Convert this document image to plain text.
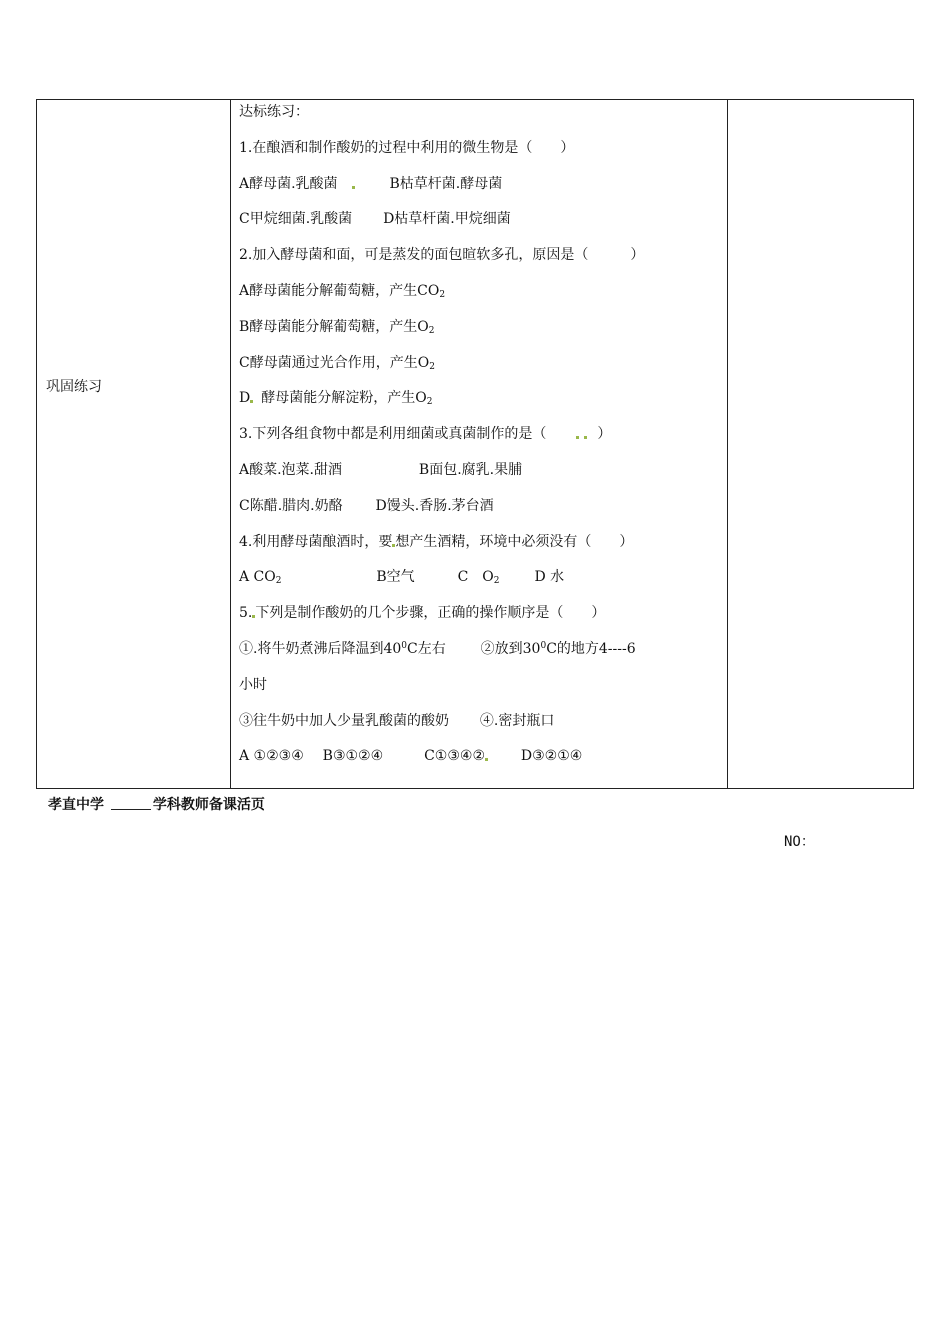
巩固练习
达标练习：
1.在酿酒和制作酸奶的过程中利用的微生物是（　　）
A酵母菌.乳酸菌	B枯草杆菌.酵母菌
C甲烷细菌.乳酸菌 D枯草杆菌.甲烷细菌
2.加入酵母菌和面，可是蒸发的面包暄软多孔，原因是（　　　）
A酵母菌能分解葡萄糖，产生$CO_2$
B酵母菌能分解葡萄糖，产生$O_2$
C酵母菌通过光合作用，产生$O_2$
D 酵母菌能分解淀粉，产生$O_2$
3.下列各组食物中都是利用细菌或真菌制作的是（	）
A酸菜.泡菜.甜酒	B面包.腐乳.果脯
C陈醋.腊肉.奶酪 D馒头.香肠.茅台酒
4.利用酵母菌酿酒时，要 想产生酒精，环境中必须没有（　　）
A $CO_2$	B空气	C　$O_2$ D 水
5. 下列是制作酸奶的几个步骤，正确的操作顺序是（　　）
①.将牛奶煮沸后降温到$40^0C$左右 ②放到$30^0C$的地方4----6
小时
③往牛奶中加人少量乳酸菌的酸奶 ④.密封瓶口
A ①②③④ B③①②④	C①③④②	D③②①④
孝直中学	学科教师备课活页
NO：
